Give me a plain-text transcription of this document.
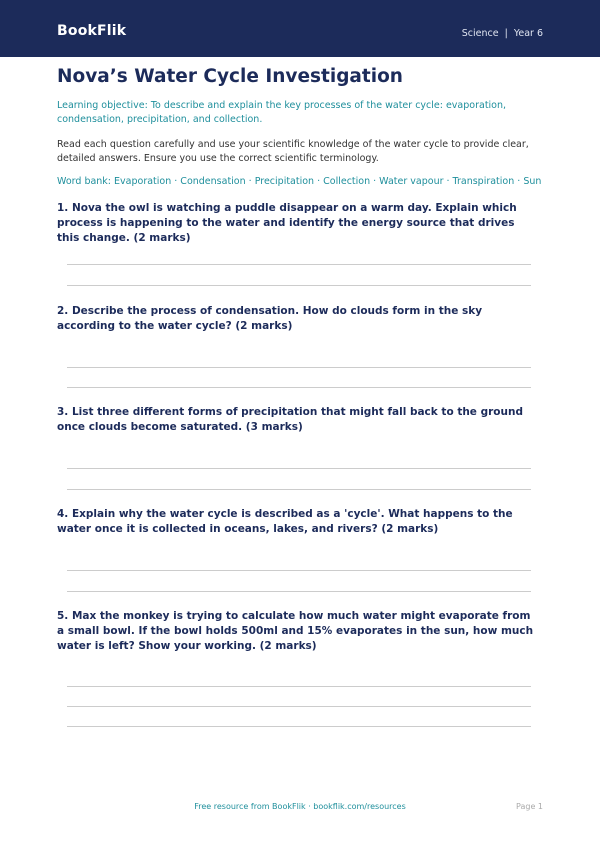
BookFlik	Science | Year 6
Nova’s Water Cycle Investigation

Learning objective: To describe and explain the key processes of the water cycle: evaporation, condensation, precipitation, and collection.

Read each question carefully and use your scientific knowledge of the water cycle to provide clear, detailed answers. Ensure you use the correct scientific terminology.

Word bank: Evaporation · Condensation · Precipitation · Collection · Water vapour · Transpiration · Sun

1. Nova the owl is watching a puddle disappear on a warm day. Explain which process is happening to the water and identify the energy source that drives this change. (2 marks)
2. Describe the process of condensation. How do clouds form in the sky according to the water cycle? (2 marks)
3. List three different forms of precipitation that might fall back to the ground once clouds become saturated. (3 marks)
4. Explain why the water cycle is described as a 'cycle'. What happens to the water once it is collected in oceans, lakes, and rivers? (2 marks)
5. Max the monkey is trying to calculate how much water might evaporate from a small bowl. If the bowl holds 500ml and 15% evaporates in the sun, how much water is left? Show your working. (2 marks)
Free resource from BookFlik · bookflik.com/resources	Page 1
